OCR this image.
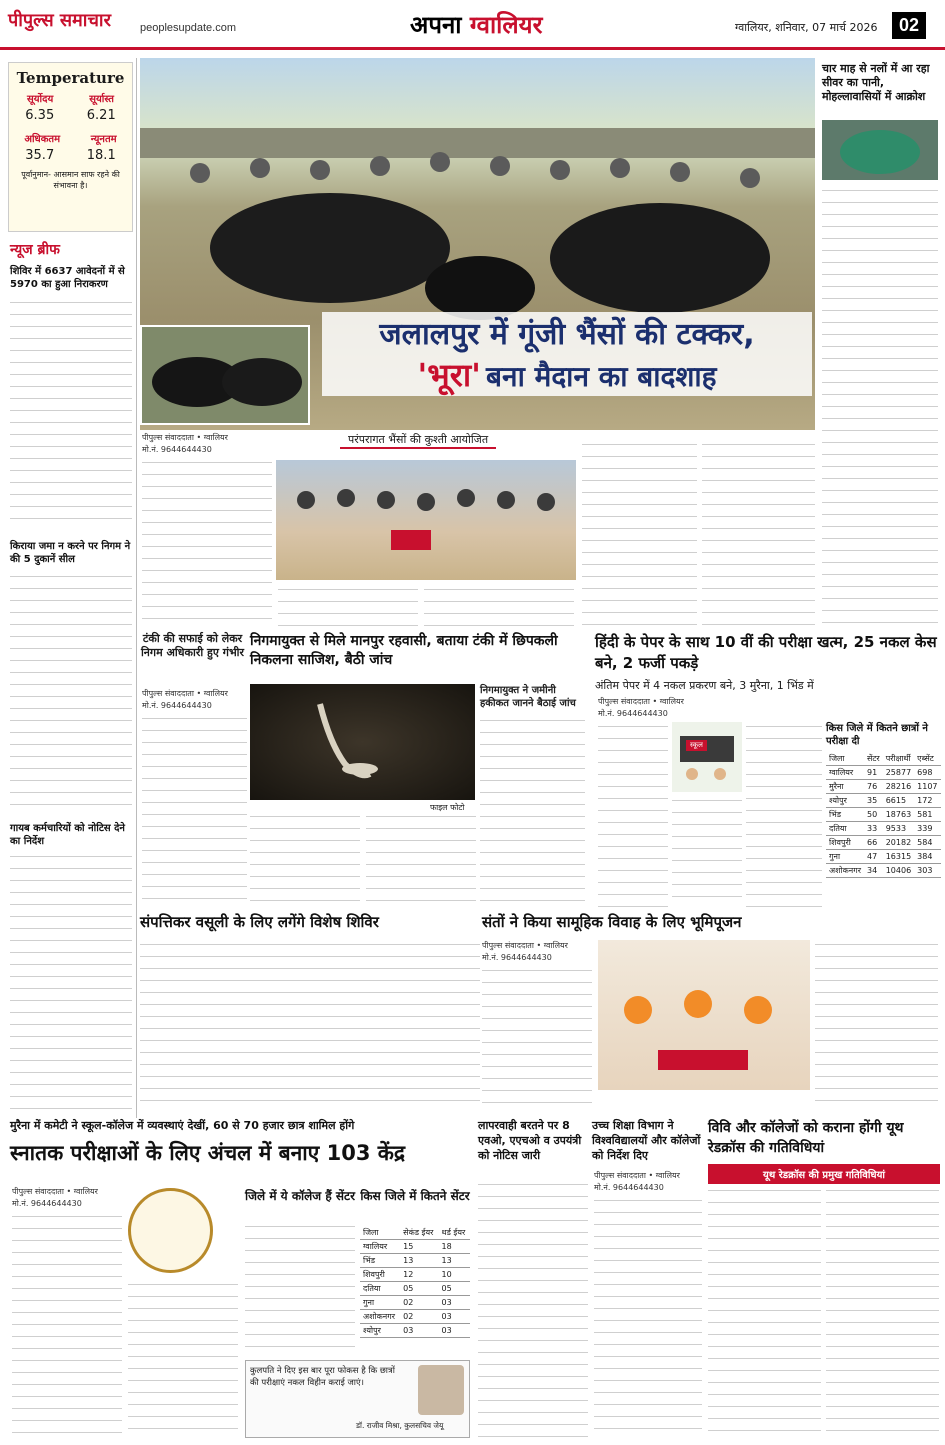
पीपुल्स समाचार	peoplesupdate.com	अपना ग्वालियर	ग्वालियर, शनिवार, 07 मार्च 2026	02
Temperature
सूर्योदय	सूर्यास्त
6.35	6.21
अधिकतम	न्यूनतम
35.7	18.1
पूर्वानुमान- आसमान साफ रहने की संभावना है।
न्यूज ब्रीफ
शिविर में 6637 आवेदनों में से 5970 का हुआ निराकरण
किराया जमा न करने पर निगम ने की 5 दुकानें सील
गायब कर्मचारियों को नोटिस देने का निर्देश
जलालपुर में गूंजी भैंसों की टक्कर,
'भूरा' बना मैदान का बादशाह
परंपरागत भैंसों की कुश्ती आयोजित
पीपुल्स संवाददाता • ग्वालियर
मो.नं. 9644644430
चार माह से नलों में आ रहा सीवर का पानी, मोहल्लावासियों में आक्रोश
टंकी की सफाई को लेकर निगम अधिकारी हुए गंभीर
निगमायुक्त से मिले मानपुर रहवासी, बताया टंकी में छिपकली निकलना साजिश, बैठी जांच
पीपुल्स संवाददाता • ग्वालियर
मो.नं. 9644644430
फाइल फोटो
निगमायुक्त ने जमीनी हकीकत जानने बैठाई जांच
हिंदी के पेपर के साथ 10 वीं की परीक्षा खत्म, 25 नकल केस बने, 2 फर्जी पकड़े
अंतिम पेपर में 4 नकल प्रकरण बने, 3 मुरैना, 1 भिंड में
पीपुल्स संवाददाता • ग्वालियर
मो.नं. 9644644430
स्कूल
किस जिले में कितने छात्रों ने परीक्षा दी
जिला	सेंटर	परीक्षार्थी	एब्सेंट
ग्वालियर	91	25877	698
मुरैना	76	28216	1107
श्योपुर	35	6615	172
भिंड	50	18763	581
दतिया	33	9533	339
शिवपुरी	66	20182	584
गुना	47	16315	384
अशोकनगर	34	10406	303
संपत्तिकर वसूली के लिए लगेंगे विशेष शिविर	संतों ने किया सामूहिक विवाह के लिए भूमिपूजन
पीपुल्स संवाददाता • ग्वालियर
मो.नं. 9644644430
मुरैना में कमेटी ने स्कूल-कॉलेज में व्यवस्थाएं देखीं, 60 से 70 हजार छात्र शामिल होंगे
स्नातक परीक्षाओं के लिए अंचल में बनाए 103 केंद्र
पीपुल्स संवाददाता • ग्वालियर
मो.नं. 9644644430
जिले में ये कॉलेज हैं सेंटर किस जिले में कितने सेंटर
जिला	सेकंड ईयर	थर्ड ईयर
ग्वालियर	15	18
भिंड	13	13
शिवपुरी	12	10
दतिया	05	05
गुना	02	03
अशोकनगर	02	03
श्योपुर	03	03
कुलपति ने दिए इस बार पूरा फोकस है कि छात्रों की परीक्षाएं नकल विहीन कराई जाएं।
डॉ. राजीव मिश्रा, कुलसचिव जेयू
लापरवाही बरतने पर 8 एवओ, एएचओ व उपयंत्री को नोटिस जारी
उच्च शिक्षा विभाग ने विश्वविद्यालयों और कॉलेजों को निर्देश दिए
पीपुल्स संवाददाता • ग्वालियर
मो.नं. 9644644430
विवि और कॉलेजों को कराना होंगी यूथ रेडक्रॉस की गतिविधियां
यूथ रेडक्रॉस की प्रमुख गतिविधियां
